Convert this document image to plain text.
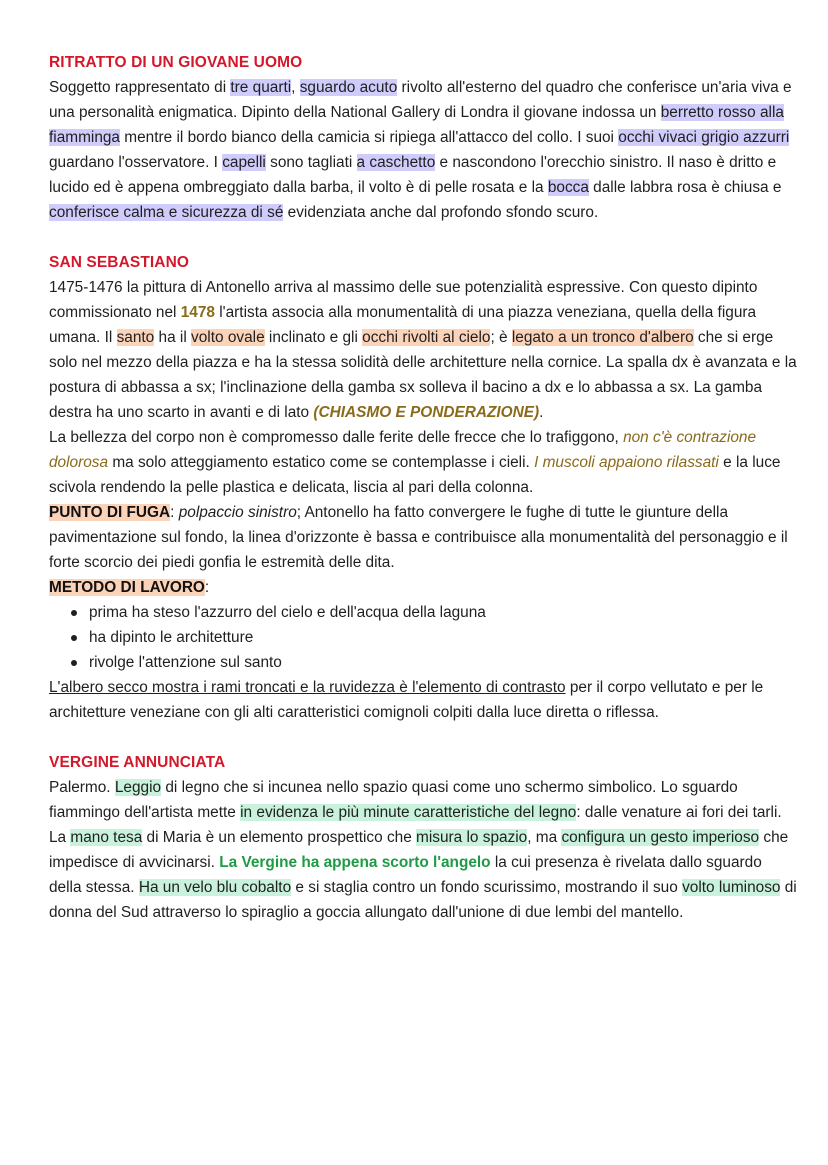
RITRATTO DI UN GIOVANE UOMO

Soggetto rappresentato di tre quarti, sguardo acuto rivolto all'esterno del quadro che conferisce un'aria viva e una personalità enigmatica. Dipinto della National Gallery di Londra il giovane indossa un berretto rosso alla fiamminga mentre il bordo bianco della camicia si ripiega all'attacco del collo. I suoi occhi vivaci grigio azzurri guardano l'osservatore. I capelli sono tagliati a caschetto e nascondono l'orecchio sinistro. Il naso è dritto e lucido ed è appena ombreggiato dalla barba, il volto è di pelle rosata e la bocca dalle labbra rosa è chiusa e conferisce calma e sicurezza di sé evidenziata anche dal profondo sfondo scuro.

SAN SEBASTIANO

1475-1476 la pittura di Antonello arriva al massimo delle sue potenzialità espressive. Con questo dipinto commissionato nel 1478 l'artista associa alla monumentalità di una piazza veneziana, quella della figura umana. Il santo ha il volto ovale inclinato e gli occhi rivolti al cielo; è legato a un tronco d'albero che si erge solo nel mezzo della piazza e ha la stessa solidità delle architetture nella cornice. La spalla dx è avanzata e la postura di abbassa a sx; l'inclinazione della gamba sx solleva il bacino a dx e lo abbassa a sx. La gamba destra ha uno scarto in avanti e di lato (CHIASMO E PONDERAZIONE).

La bellezza del corpo non è compromesso dalle ferite delle frecce che lo trafiggono, non c'è contrazione dolorosa ma solo atteggiamento estatico come se contemplasse i cieli. I muscoli appaiono rilassati e la luce scivola rendendo la pelle plastica e delicata, liscia al pari della colonna.

PUNTO DI FUGA: polpaccio sinistro; Antonello ha fatto convergere le fughe di tutte le giunture della pavimentazione sul fondo, la linea d'orizzonte è bassa e contribuisce alla monumentalità del personaggio e il forte scorcio dei piedi gonfia le estremità delle dita.

METODO DI LAVORO:

prima ha steso l'azzurro del cielo e dell'acqua della laguna
ha dipinto le architetture
rivolge l'attenzione sul santo

L'albero secco mostra i rami troncati e la ruvidezza è l'elemento di contrasto per il corpo vellutato e per le architetture veneziane con gli alti caratteristici comignoli colpiti dalla luce diretta o riflessa.

VERGINE ANNUNCIATA

Palermo. Leggio di legno che si incunea nello spazio quasi come uno schermo simbolico. Lo sguardo fiammingo dell'artista mette in evidenza le più minute caratteristiche del legno: dalle venature ai fori dei tarli. La mano tesa di Maria è un elemento prospettico che misura lo spazio, ma configura un gesto imperioso che impedisce di avvicinarsi. La Vergine ha appena scorto l'angelo la cui presenza è rivelata dallo sguardo della stessa. Ha un velo blu cobalto e si staglia contro un fondo scurissimo, mostrando il suo volto luminoso di donna del Sud attraverso lo spiraglio a goccia allungato dall'unione di due lembi del mantello.
